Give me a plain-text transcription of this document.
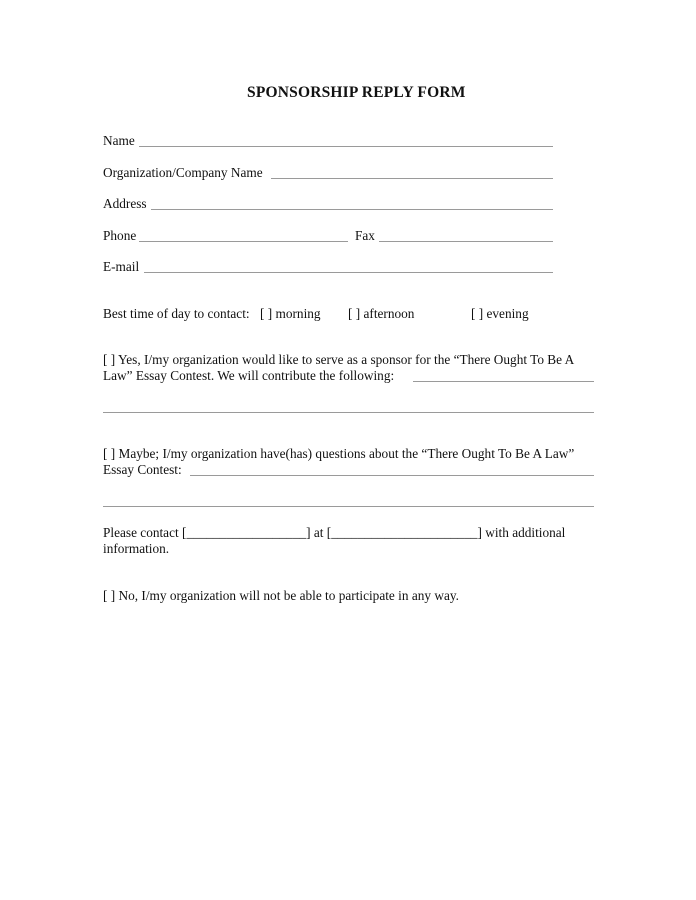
SPONSORSHIP REPLY FORM
Name
Organization/Company Name
Address
Phone	Fax
E-mail
Best time of day to contact: [ ] morning [ ] afternoon	[ ] evening
[ ] Yes, I/my organization would like to serve as a sponsor for the “There Ought To Be A
Law” Essay Contest. We will contribute the following:
[ ] Maybe; I/my organization have(has) questions about the “There Ought To Be A Law”
Essay Contest:
Please contact [__________________] at [______________________] with additional
information.
[ ] No, I/my organization will not be able to participate in any way.
